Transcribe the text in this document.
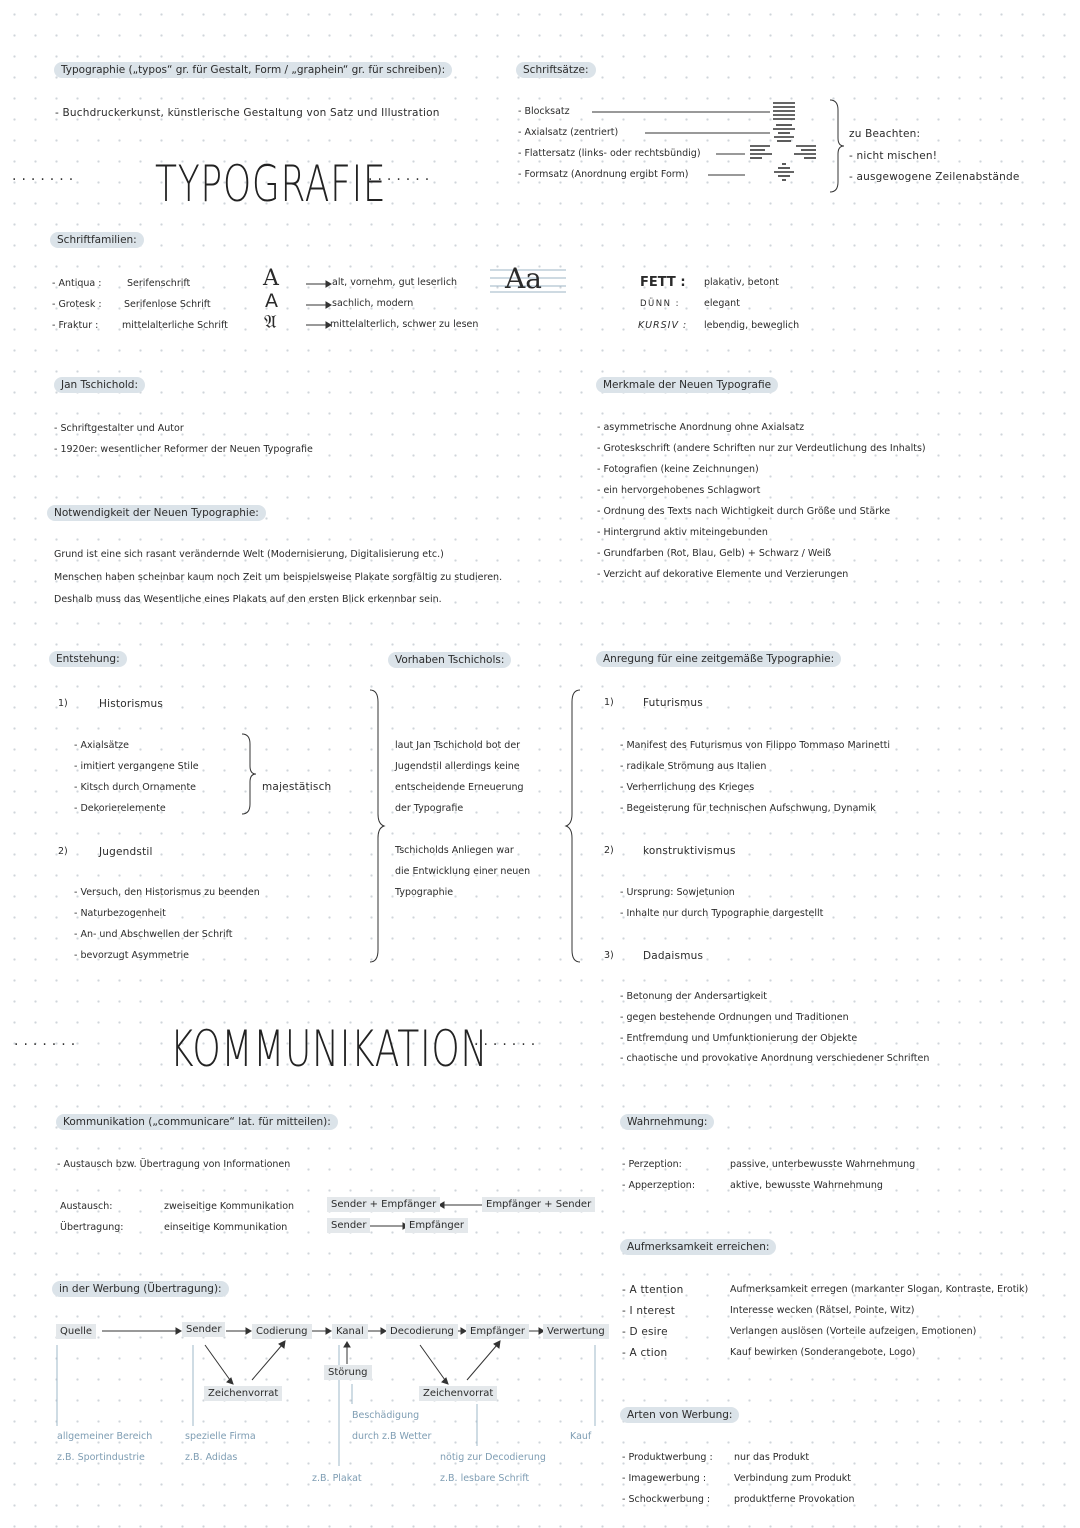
Typographie („typos“ gr. für Gestalt, Form / „graphein“ gr. für schreiben):
- Buchdruckerkunst, künstlerische Gestaltung von Satz und Illustration
······· TYPOGRAFIE
·······
Schriftsätze:
- Blocksatz
- Axialsatz (zentriert)
- Flattersatz (links- oder rechtsbündig)
- Formsatz (Anordnung ergibt Form)
zu Beachten:
- nicht mischen!
- ausgewogene Zeilenabstände
Schriftfamilien:
- Antiqua :	Serifenschrift	A	alt, vornehm, gut leserlich
- Grotesk : Serifenlose Schrift	A	sachlich, modern
- Fraktur : mittelalterliche Schrift 𝔄	mittelalterlich, schwer zu lesen
Aa	FETT : plakativ, betont
DÜNN :	elegant
KURSIV : lebendig, beweglich
Jan Tschichold:
- Schriftgestalter und Autor
- 1920er: wesentlicher Reformer der Neuen Typografie
Merkmale der Neuen Typografie
- asymmetrische Anordnung ohne Axialsatz
- Groteskschrift (andere Schriften nur zur Verdeutlichung des Inhalts)
- Fotografien (keine Zeichnungen)
- ein hervorgehobenes Schlagwort
- Ordnung des Texts nach Wichtigkeit durch Größe und Stärke
- Hintergrund aktiv miteingebunden
- Grundfarben (Rot, Blau, Gelb) + Schwarz / Weiß
- Verzicht auf dekorative Elemente und Verzierungen
Notwendigkeit der Neuen Typographie:
Grund ist eine sich rasant verändernde Welt (Modernisierung, Digitalisierung etc.)
Menschen haben scheinbar kaum noch Zeit um beispielsweise Plakate sorgfältig zu studieren.
Deshalb muss das Wesentliche eines Plakats auf den ersten Blick erkennbar sein.
Entstehung:
1)	Historismus
- Axialsätze
- imitiert vergangene Stile
- Kitsch durch Ornamente
- Dekorierelemente
majestätisch
2)	Jugendstil
- Versuch, den Historismus zu beenden
- Naturbezogenheit
- An- und Abschwellen der Schrift
- bevorzugt Asymmetrie
Vorhaben Tschichols:
laut Jan Tschichold bot der
Jugendstil allerdings keine
entscheidende Erneuerung
der Typografie
Tschicholds Anliegen war
die Entwicklung einer neuen
Typographie
Anregung für eine zeitgemäße Typographie:
1)	Futurismus
- Manifest des Futurismus von Filippo Tommaso Marinetti
- radikale Strömung aus Italien
- Verherrlichung des Krieges
- Begeisterung für technischen Aufschwung, Dynamik
2)	konstruktivismus
- Ursprung: Sowjetunion
- Inhalte nur durch Typographie dargestellt
3)	Dadaismus
- Betonung der Andersartigkeit
- gegen bestehende Ordnungen und Traditionen
- Entfremdung und Umfunktionierung der Objekte
- chaotische und provokative Anordnung verschiedener Schriften
······· KOMMUNIKATION
·······
Kommunikation („communicare“ lat. für mitteilen):
- Austausch bzw. Übertragung von Informationen
Austausch:	zweiseitige Kommunikation
Übertragung:	einseitige Kommunikation
Sender + Empfänger	Empfänger + Sender
Sender	Empfänger
in der Werbung (Übertragung):
Quelle	Sender	Codierung	Kanal	Decodierung	Empfänger	Verwertung
Zeichenvorrat
Störung
Zeichenvorrat
allgemeiner Bereich
z.B. Sportindustrie
spezielle Firma
z.B. Adidas
z.B. Plakat
Beschädigung
durch z.B Wetter
nötig zur Decodierung
z.B. lesbare Schrift
Kauf
Wahrnehmung:
- Perzeption:	passive, unterbewusste Wahrnehmung
- Apperzeption:	aktive, bewusste Wahrnehmung
Aufmerksamkeit erreichen:
- A ttention	Aufmerksamkeit erregen (markanter Slogan, Kontraste, Erotik)
- I nterest	Interesse wecken (Rätsel, Pointe, Witz)
- D esire	Verlangen auslösen (Vorteile aufzeigen, Emotionen)
- A ction	Kauf bewirken (Sonderangebote, Logo)
Arten von Werbung:
- Produktwerbung : nur das Produkt
- Imagewerbung :	Verbindung zum Produkt
- Schockwerbung :	produktferne Provokation
